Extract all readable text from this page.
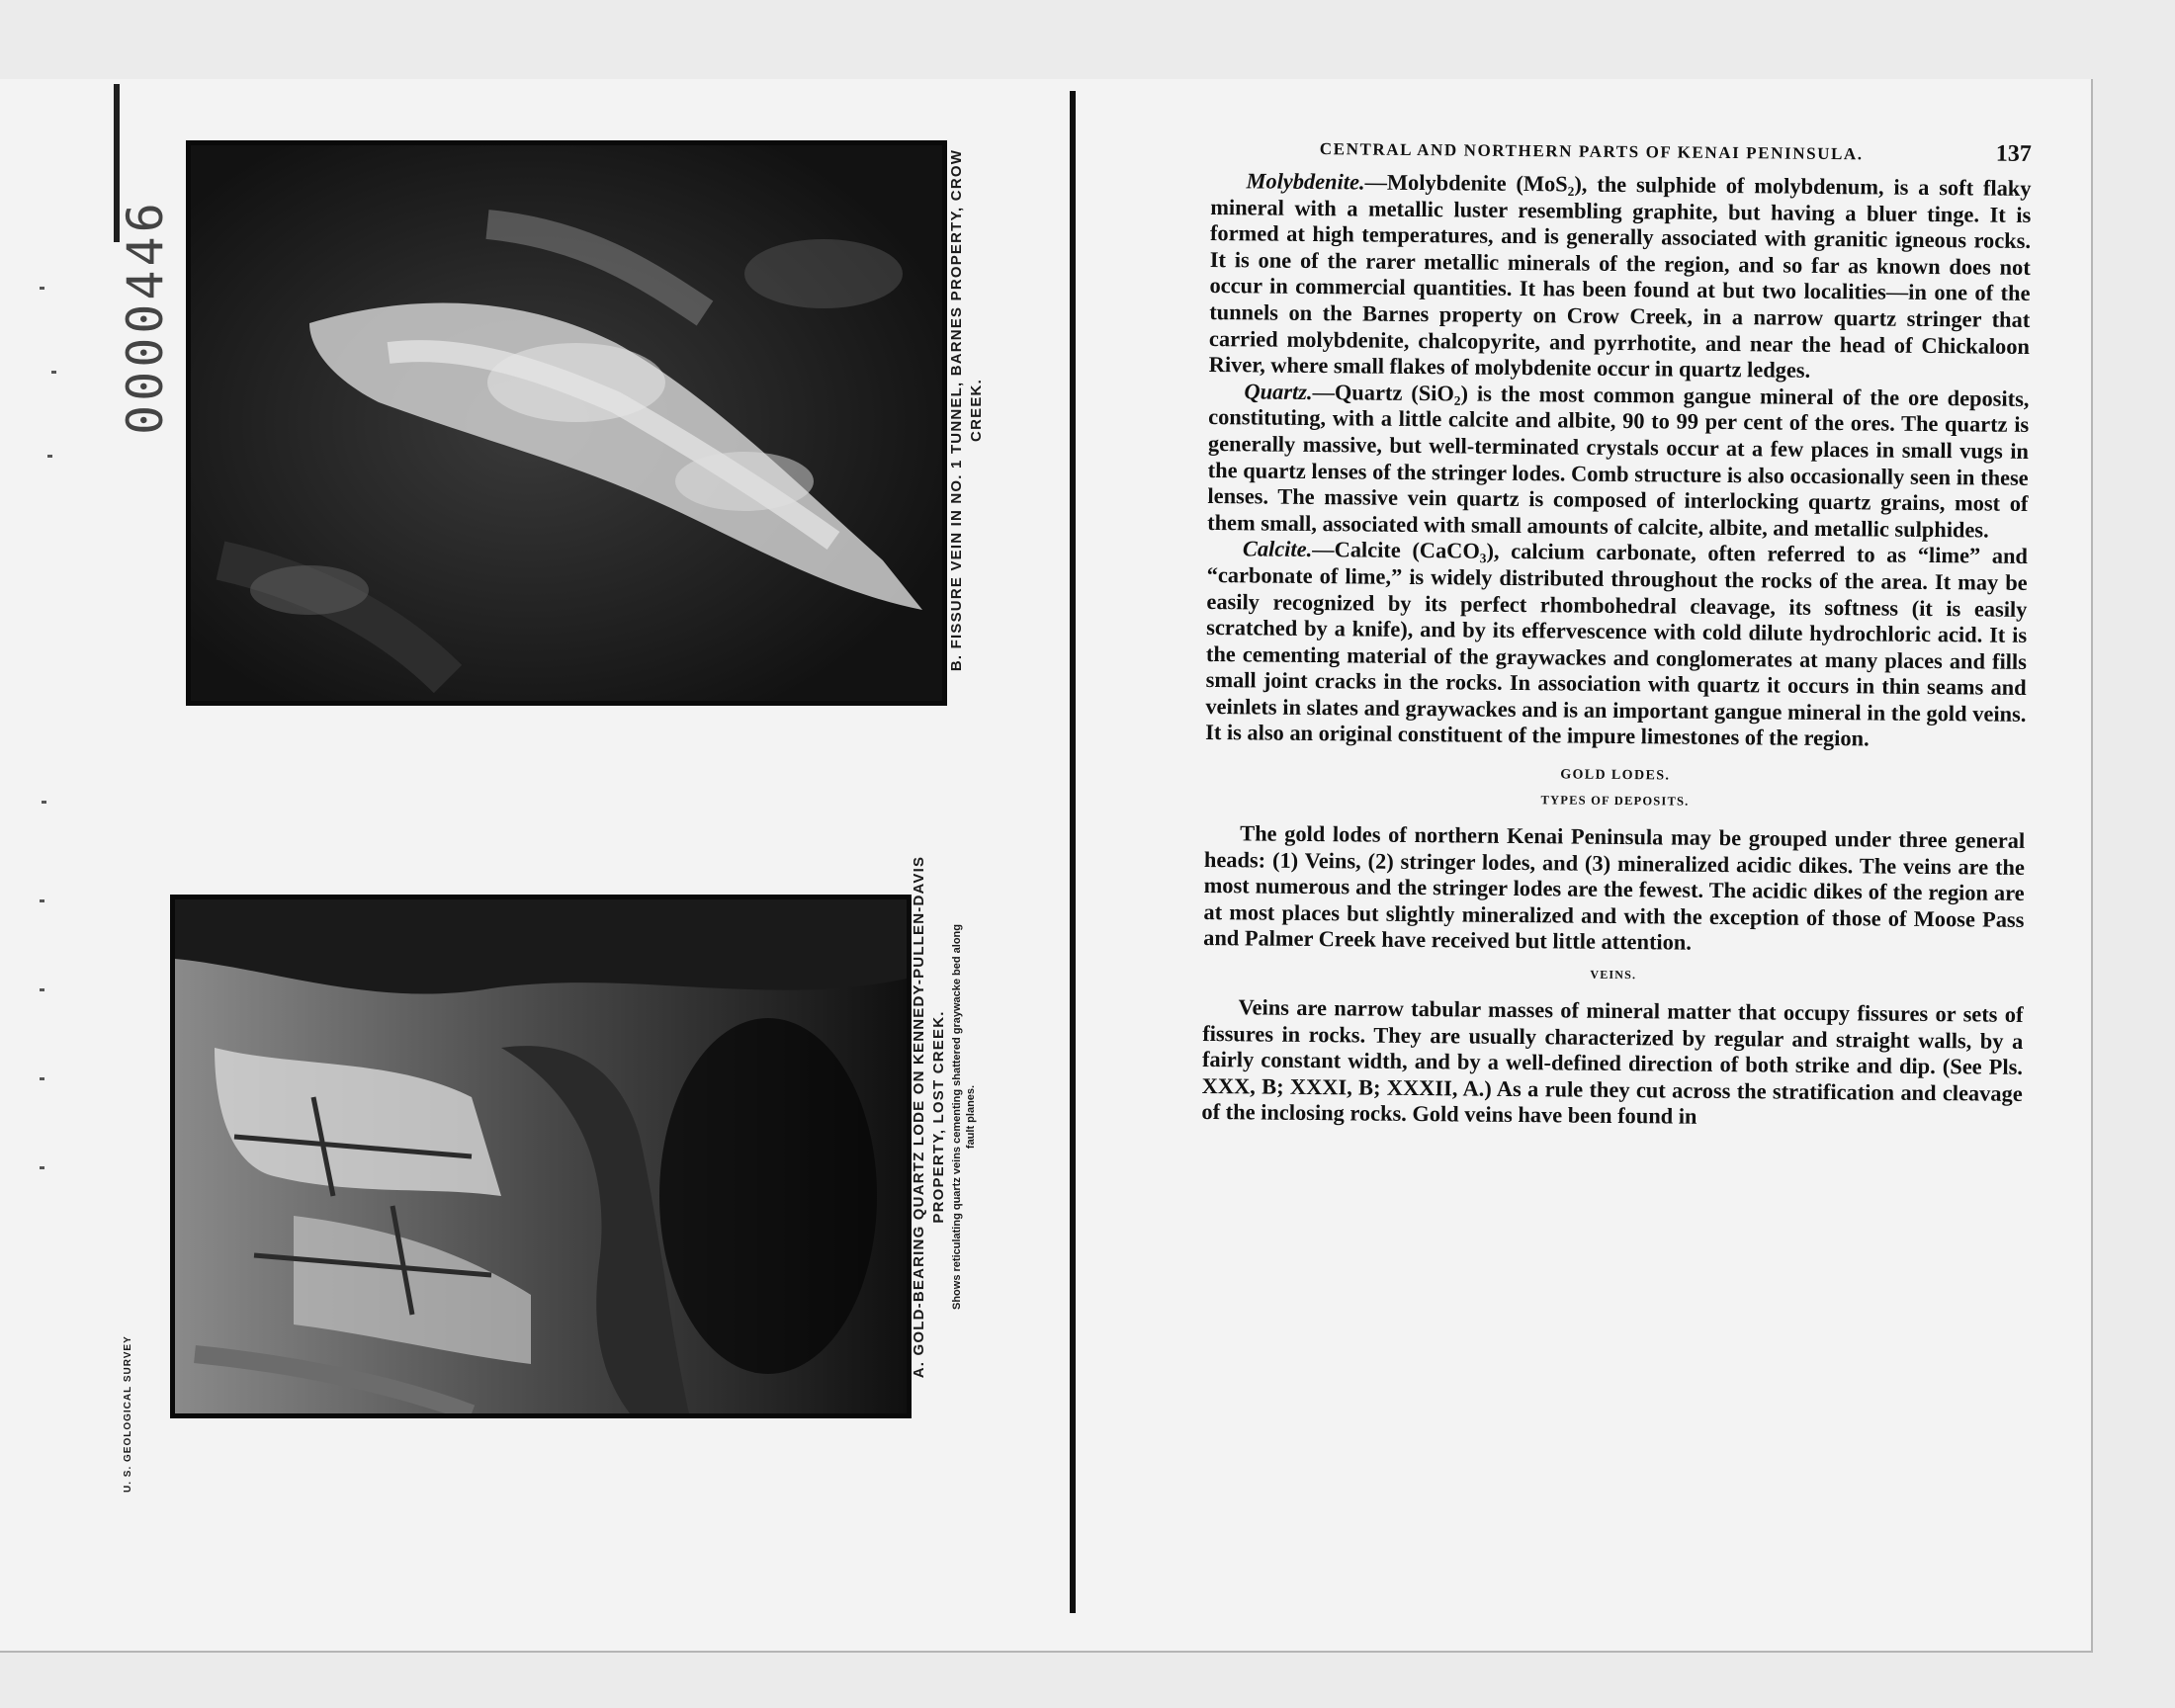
0000446
U. S. GEOLOGICAL SURVEY
B. FISSURE VEIN IN NO. 1 TUNNEL, BARNES PROPERTY, CROW CREEK.
A. GOLD-BEARING QUARTZ LODE ON KENNEDY-PULLEN-DAVIS PROPERTY, LOST CREEK. Shows reticulating quartz veins cementing shattered graywacke bed along fault planes.
CENTRAL AND NORTHERN PARTS OF KENAI PENINSULA.	137

Molybdenite.—Molybdenite (MoS₂), the sulphide of molybdenum, is a soft flaky mineral with a metallic luster resembling graphite, but having a bluer tinge. It is formed at high temperatures, and is generally associated with granitic igneous rocks. It is one of the rarer metallic minerals of the region, and so far as known does not occur in commercial quantities. It has been found at but two localities—in one of the tunnels on the Barnes property on Crow Creek, in a narrow quartz stringer that carried molybdenite, chalcopyrite, and pyrrhotite, and near the head of Chickaloon River, where small flakes of molybdenite occur in quartz ledges.

Quartz.—Quartz (SiO₂) is the most common gangue mineral of the ore deposits, constituting, with a little calcite and albite, 90 to 99 per cent of the ores. The quartz is generally massive, but well-terminated crystals occur at a few places in small vugs in the quartz lenses of the stringer lodes. Comb structure is also occasionally seen in these lenses. The massive vein quartz is composed of interlocking quartz grains, most of them small, associated with small amounts of calcite, albite, and metallic sulphides.

Calcite.—Calcite (CaCO₃), calcium carbonate, often referred to as “lime” and “carbonate of lime,” is widely distributed throughout the rocks of the area. It may be easily recognized by its perfect rhombohedral cleavage, its softness (it is easily scratched by a knife), and by its effervescence with cold dilute hydrochloric acid. It is the cementing material of the graywackes and conglomerates at many places and fills small joint cracks in the rocks. In association with quartz it occurs in thin seams and veinlets in slates and graywackes and is an important gangue mineral in the gold veins. It is also an original constituent of the impure limestones of the region.

GOLD LODES.
TYPES OF DEPOSITS.

The gold lodes of northern Kenai Peninsula may be grouped under three general heads: (1) Veins, (2) stringer lodes, and (3) mineralized acidic dikes. The veins are the most numerous and the stringer lodes are the fewest. The acidic dikes of the region are at most places but slightly mineralized and with the exception of those of Moose Pass and Palmer Creek have received but little attention.

VEINS.

Veins are narrow tabular masses of mineral matter that occupy fissures or sets of fissures in rocks. They are usually characterized by regular and straight walls, by a fairly constant width, and by a well-defined direction of both strike and dip. (See Pls. XXX, B; XXXI, B; XXXII, A.) As a rule they cut across the stratification and cleavage of the inclosing rocks. Gold veins have been found in
